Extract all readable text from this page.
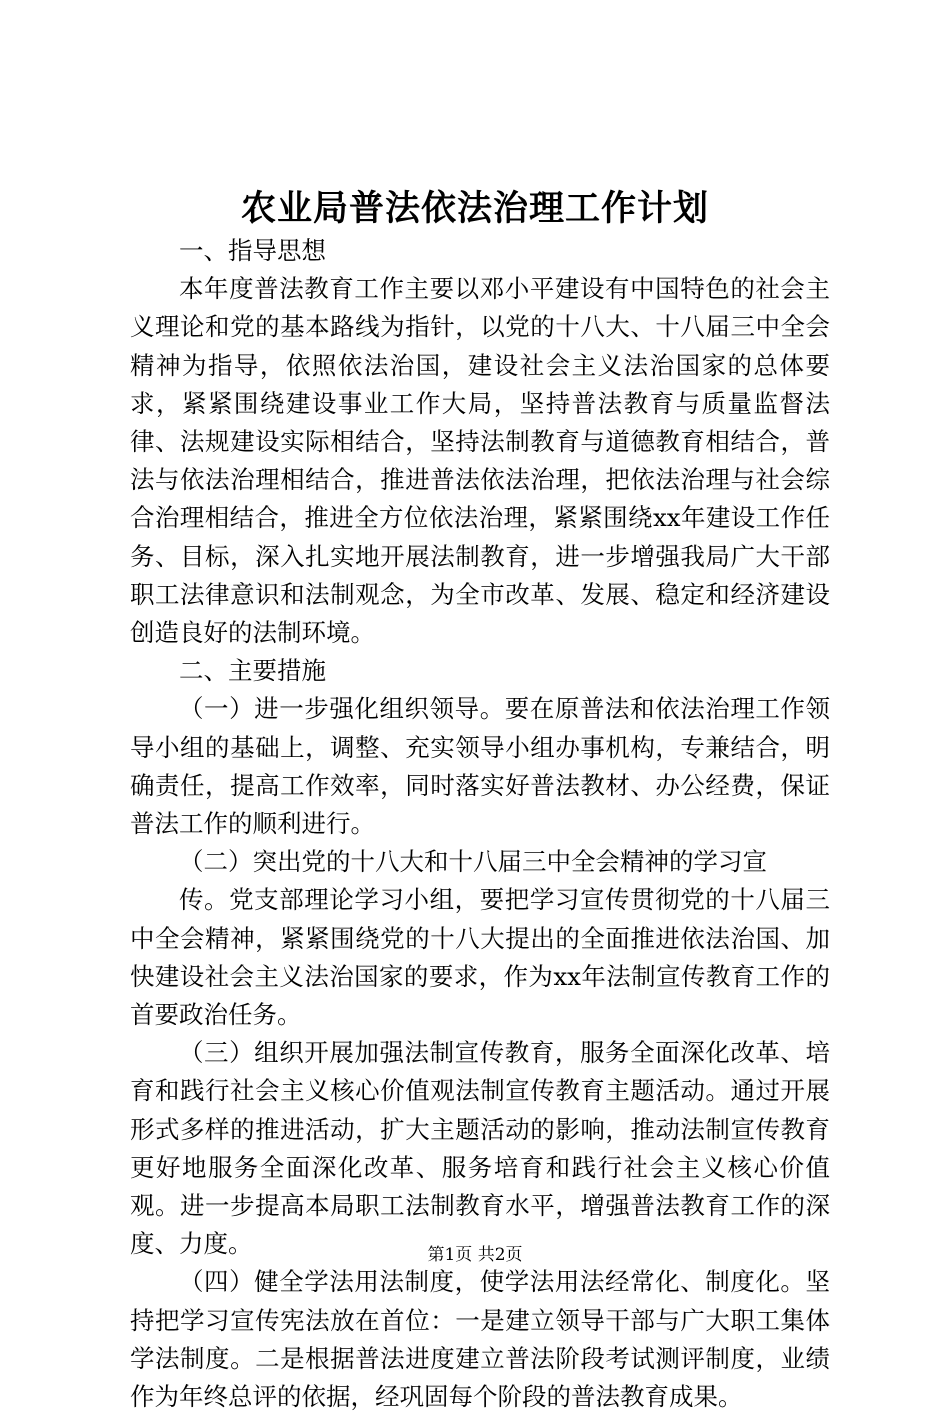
农业局普法依法治理工作计划

一、指导思想

本年度普法教育工作主要以邓小平建设有中国特色的社会主义理论和党的基本路线为指针，以党的十八大、十八届三中全会精神为指导，依照依法治国，建设社会主义法治国家的总体要求，紧紧围绕建设事业工作大局，坚持普法教育与质量监督法律、法规建设实际相结合，坚持法制教育与道德教育相结合，普法与依法治理相结合，推进普法依法治理，把依法治理与社会综合治理相结合，推进全方位依法治理，紧紧围绕xx年建设工作任务、目标，深入扎实地开展法制教育，进一步增强我局广大干部职工法律意识和法制观念，为全市改革、发展、稳定和经济建设创造良好的法制环境。

二、主要措施

（一）进一步强化组织领导。要在原普法和依法治理工作领导小组的基础上，调整、充实领导小组办事机构，专兼结合，明确责任，提高工作效率，同时落实好普法教材、办公经费，保证普法工作的顺利进行。

（二）突出党的十八大和十八届三中全会精神的学习宣

传。党支部理论学习小组，要把学习宣传贯彻党的十八届三中全会精神，紧紧围绕党的十八大提出的全面推进依法治国、加快建设社会主义法治国家的要求，作为xx年法制宣传教育工作的首要政治任务。

（三）组织开展加强法制宣传教育，服务全面深化改革、培育和践行社会主义核心价值观法制宣传教育主题活动。通过开展形式多样的推进活动，扩大主题活动的影响，推动法制宣传教育更好地服务全面深化改革、服务培育和践行社会主义核心价值观。进一步提高本局职工法制教育水平，增强普法教育工作的深度、力度。

（四）健全学法用法制度，使学法用法经常化、制度化。坚持把学习宣传宪法放在首位：一是建立领导干部与广大职工集体学法制度。二是根据普法进度建立普法阶段考试测评制度，业绩作为年终总评的依据，经巩固每个阶段的普法教育成果。

第1页 共2页
